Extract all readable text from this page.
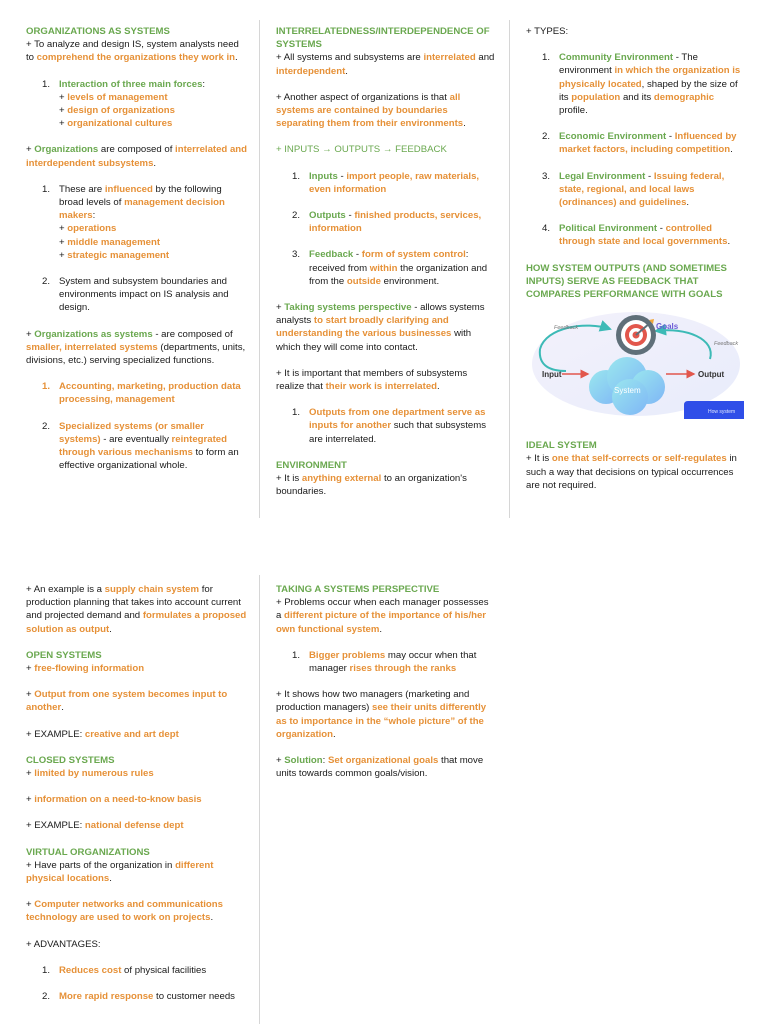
ORGANIZATIONS AS SYSTEMS

+ To analyze and design IS, system analysts need to comprehend the organizations they work in.

1. Interaction of three main forces:
+ levels of management
+ design of organizations
+ organizational cultures

+ Organizations are composed of interrelated and interdependent subsystems.

1. These are influenced by the following broad levels of management decision makers:
+ operations
+ middle management
+ strategic management
2. System and subsystem boundaries and environments impact on IS analysis and design.

+ Organizations as systems - are composed of smaller, interrelated systems (departments, units, divisions, etc.) serving specialized functions.

1. Accounting, marketing, production data processing, management
2. Specialized systems (or smaller systems) - are eventually reintegrated through various mechanisms to form an effective organizational whole.

INTERRELATEDNESS/INTERDEPENDENCE OF SYSTEMS

+ All systems and subsystems are interrelated and interdependent.

+ Another aspect of organizations is that all systems are contained by boundaries separating them from their environments.

+ INPUTS → OUTPUTS → FEEDBACK

1. Inputs - import people, raw materials, even information
2. Outputs - finished products, services, information
3. Feedback - form of system control: received from within the organization and from the outside environment.

+ Taking systems perspective - allows systems analysts to start broadly clarifying and understanding the various businesses with which they will come into contact.

+ It is important that members of subsystems realize that their work is interrelated.

1. Outputs from one department serve as inputs for another such that subsystems are interrelated.

ENVIRONMENT

+ It is anything external to an organization's boundaries.

+ TYPES:

1. Community Environment - The environment in which the organization is physically located, shaped by the size of its population and its demographic profile.
2. Economic Environment - Influenced by market factors, including competition.
3. Legal Environment - Issuing federal, state, regional, and local laws (ordinances) and guidelines.
4. Political Environment - controlled through state and local governments.

HOW SYSTEM OUTPUTS (AND SOMETIMES INPUTS) SERVE AS FEEDBACK THAT COMPARES PERFORMANCE WITH GOALS

Goals
Feedback
Feedback
Input	Output
System
How system

IDEAL SYSTEM

+ It is one that self-corrects or self-regulates in such a way that decisions on typical occurrences are not required.

+ An example is a supply chain system for production planning that takes into account current and projected demand and formulates a proposed solution as output.

OPEN SYSTEMS

+ free-flowing information

+ Output from one system becomes input to another.

+ EXAMPLE: creative and art dept

CLOSED SYSTEMS

+ limited by numerous rules

+ information on a need-to-know basis

+ EXAMPLE: national defense dept

VIRTUAL ORGANIZATIONS

+ Have parts of the organization in different physical locations.

+ Computer networks and communications technology are used to work on projects.

+ ADVANTAGES:

1. Reduces cost of physical facilities
2. More rapid response to customer needs

TAKING A SYSTEMS PERSPECTIVE

+ Problems occur when each manager possesses a different picture of the importance of his/her own functional system.

1. Bigger problems may occur when that manager rises through the ranks

+ It shows how two managers (marketing and production managers) see their units differently as to importance in the “whole picture” of the organization.

+ Solution: Set organizational goals that move units towards common goals/vision.
